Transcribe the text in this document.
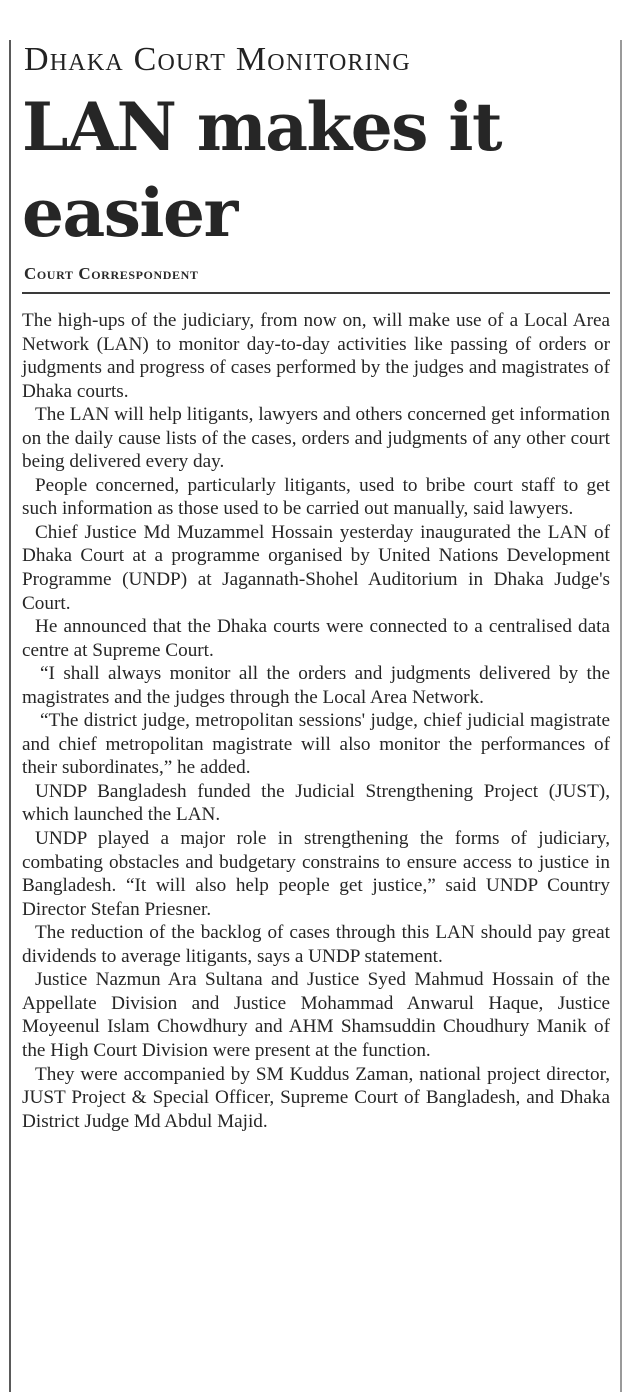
Dhaka Court Monitoring
LAN makes it easier
Court Correspondent

The high-ups of the judiciary, from now on, will make use of a Local Area Network (LAN) to monitor day-to-day activities like passing of orders or judgments and progress of cases performed by the judges and magistrates of Dhaka courts.

The LAN will help litigants, lawyers and others concerned get information on the daily cause lists of the cases, orders and judgments of any other court being delivered every day.

People concerned, particularly litigants, used to bribe court staff to get such information as those used to be carried out manually, said lawyers.

Chief Justice Md Muzammel Hossain yesterday inaugurated the LAN of Dhaka Court at a programme organised by United Nations Development Programme (UNDP) at Jagannath-Shohel Auditorium in Dhaka Judge's Court.

He announced that the Dhaka courts were connected to a centralised data centre at Supreme Court.

“I shall always monitor all the orders and judgments delivered by the magistrates and the judges through the Local Area Network.

“The district judge, metropolitan sessions' judge, chief judicial magistrate and chief metropolitan magistrate will also monitor the performances of their subordinates,” he added.

UNDP Bangladesh funded the Judicial Strengthening Project (JUST), which launched the LAN.

UNDP played a major role in strengthening the forms of judiciary, combating obstacles and budgetary constrains to ensure access to justice in Bangladesh. “It will also help people get justice,” said UNDP Country Director Stefan Priesner.

The reduction of the backlog of cases through this LAN should pay great dividends to average litigants, says a UNDP statement.

Justice Nazmun Ara Sultana and Justice Syed Mahmud Hossain of the Appellate Division and Justice Mohammad Anwarul Haque, Justice Moyeenul Islam Chowdhury and AHM Shamsuddin Choudhury Manik of the High Court Division were present at the function.

They were accompanied by SM Kuddus Zaman, national project director, JUST Project & Special Officer, Supreme Court of Bangladesh, and Dhaka District Judge Md Abdul Majid.
